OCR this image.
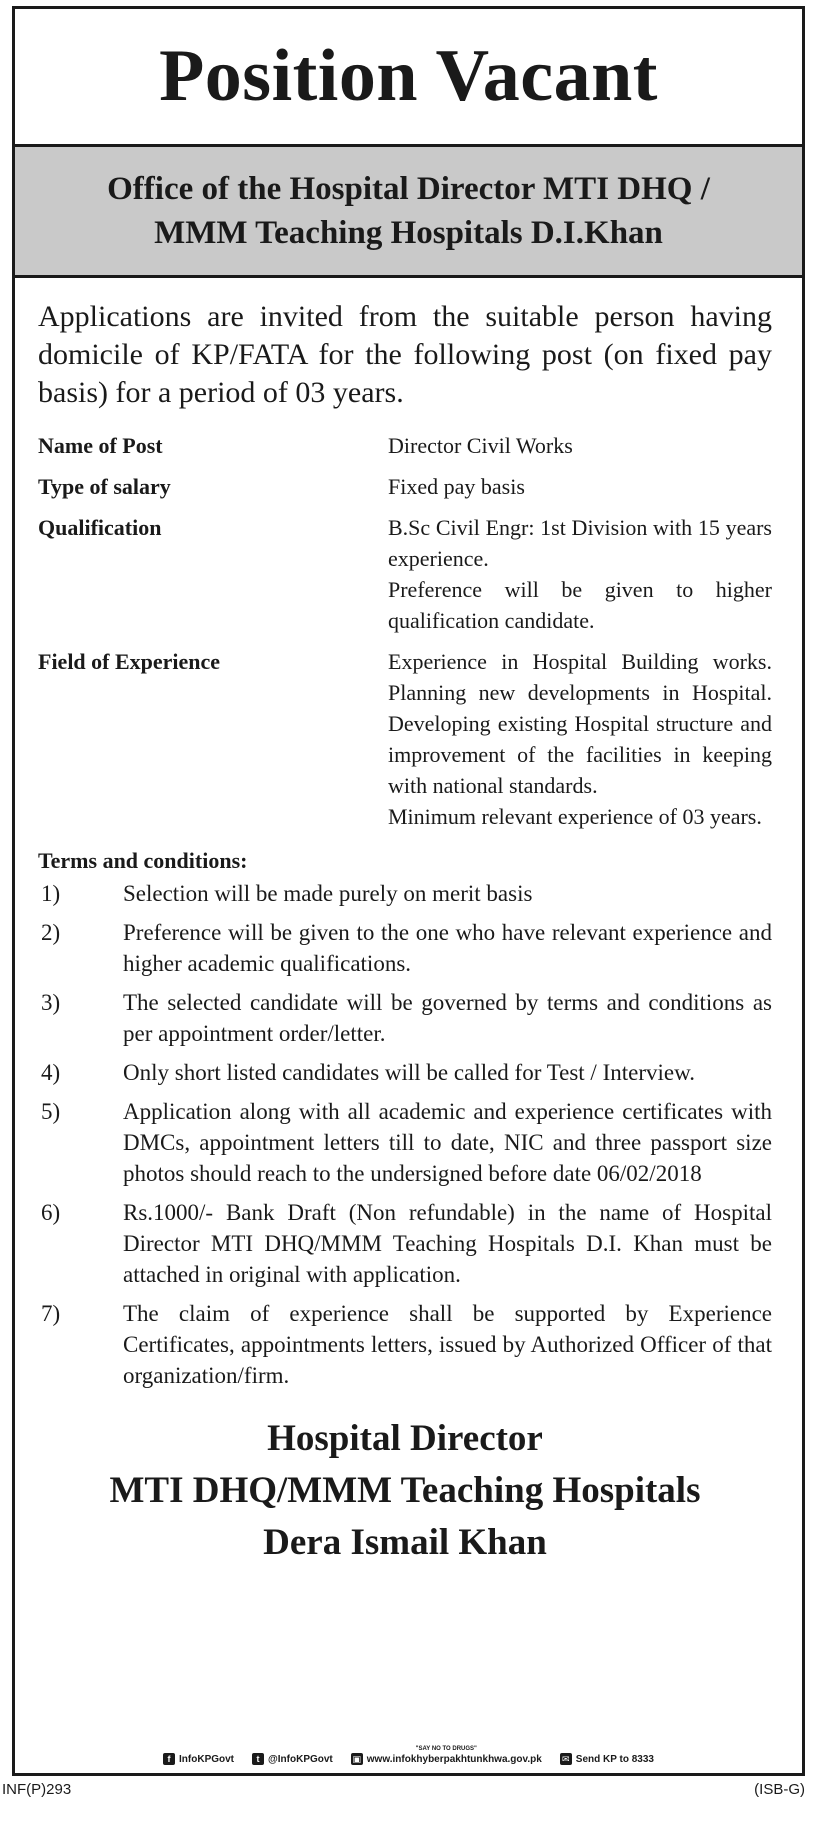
Position Vacant
Office of the Hospital Director MTI DHQ /
MMM Teaching Hospitals D.I.Khan

Applications are invited from the suitable person having domicile of KP/FATA for the following post (on fixed pay basis) for a period of 03 years.

Name of Post	Director Civil Works
Type of salary	Fixed pay basis
Qualification	B.Sc Civil Engr: 1st Division with 15 years experience.

Preference will be given to higher qualification candidate.

Field of Experience	Experience in Hospital Building works. Planning new developments in Hospital. Developing existing Hospital structure and improvement of the facilities in keeping with national standards.

Minimum relevant experience of 03 years.

Terms and conditions:
1)	Selection will be made purely on merit basis
2)	Preference will be given to the one who have relevant experience and higher academic qualifications.
3)	The selected candidate will be governed by terms and conditions as per appointment order/letter.
4)	Only short listed candidates will be called for Test / Interview.
5)	Application along with all academic and experience certificates with DMCs, appointment letters till to date, NIC and three passport size photos should reach to the undersigned before date 06/02/2018
6)	Rs.1000/- Bank Draft (Non refundable) in the name of Hospital Director MTI DHQ/MMM Teaching Hospitals D.I. Khan must be attached in original with application.
7)	The claim of experience shall be supported by Experience Certificates, appointments letters, issued by Authorized Officer of that organization/firm.
Hospital Director
MTI DHQ/MMM Teaching Hospitals
Dera Ismail Khan
f InfoKPGovt	t @InfoKPGovt
"SAY NO TO DRUGS"
▣ www.infokhyberpakhtunkhwa.gov.pk ✉ Send KP to 8333
INF(P)293	(ISB-G)
